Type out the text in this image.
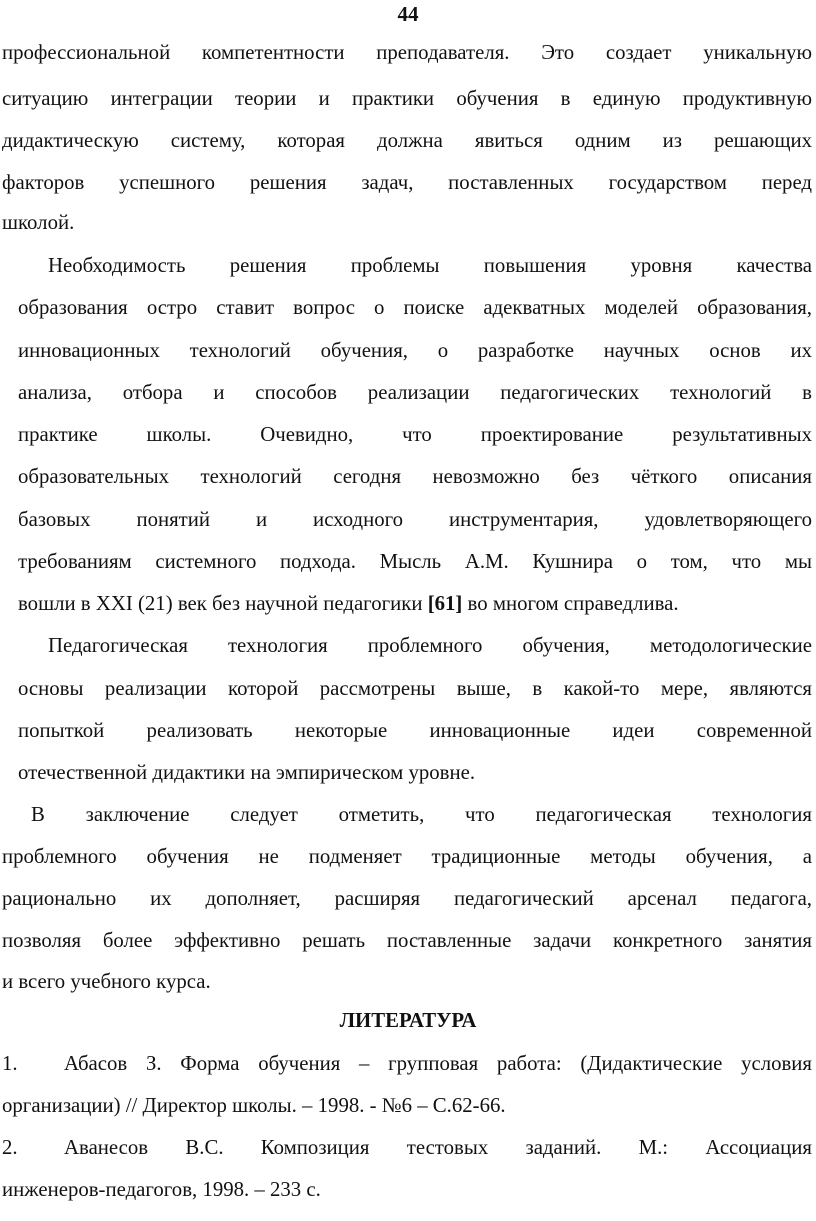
44
профессиональной компетентности преподавателя. Это создает уникальную
ситуацию интеграции теории и практики обучения в единую продуктивную
дидактическую систему, которая должна явиться одним из решающих
факторов успешного решения задач, поставленных государством перед
школой.
Необходимость решения проблемы повышения уровня качества
образования остро ставит вопрос о поиске адекватных моделей образования,
инновационных технологий обучения, о разработке научных основ их
анализа, отбора и способов реализации педагогических технологий в
практике школы. Очевидно, что проектирование результативных
образовательных технологий сегодня невозможно без чёткого описания
базовых понятий и исходного инструментария, удовлетворяющего
требованиям системного подхода. Мысль А.М. Кушнира о том, что мы
вошли в XXI (21) век без научной педагогики [61] во многом справедлива.
Педагогическая технология проблемного обучения, методологические
основы реализации которой рассмотрены выше, в какой-то мере, являются
попыткой реализовать некоторые инновационные идеи современной
отечественной дидактики на эмпирическом уровне.
В заключение следует отметить, что педагогическая технология
проблемного обучения не подменяет традиционные методы обучения, а
рационально их дополняет, расширяя педагогический арсенал педагога,
позволяя более эффективно решать поставленные задачи конкретного занятия
и всего учебного курса.
ЛИТЕРАТУРА
1. Абасов З. Форма обучения – групповая работа: (Дидактические условия
организации) // Директор школы. – 1998. - №6 – С.62-66.
2. Аванесов В.С. Композиция тестовых заданий. М.: Ассоциация
инженеров-педагогов, 1998. – 233 с.
